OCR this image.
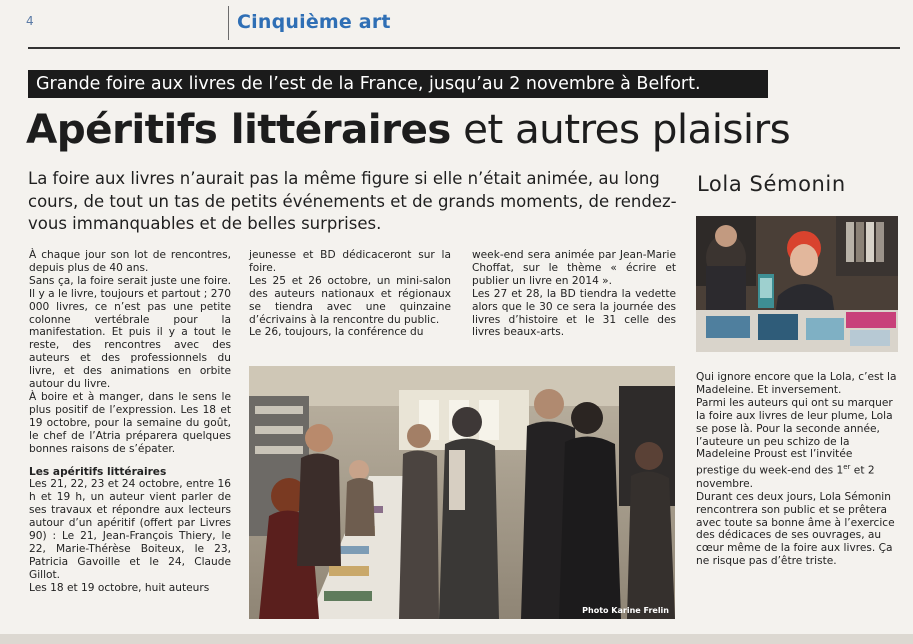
4	Cinquième art
Grande foire aux livres de l’est de la France, jusqu’au 2 novembre à Belfort.
Apéritifs littéraires et autres plaisirs
La foire aux livres n’aurait pas la même figure si elle n’était animée, au long cours, de tout un tas de petits événements et de grands moments, de rendez-vous immanquables et de belles surprises.
Lola Sémonin

À chaque jour son lot de rencontres, depuis plus de 40 ans.

Sans ça, la foire serait juste une foire. Il y a le livre, toujours et partout ; 270 000 livres, ce n’est pas une petite colonne vertébrale pour la manifestation. Et puis il y a tout le reste, des rencontres avec des auteurs et des professionnels du livre, et des animations en orbite autour du livre.

À boire et à manger, dans le sens le plus positif de l’expression. Les 18 et 19 octobre, pour la semaine du goût, le chef de l’Atria préparera quelques bonnes raisons de s’épater.

Les apéritifs littéraires

Les 21, 22, 23 et 24 octobre, entre 16 h et 19 h, un auteur vient parler de ses travaux et répondre aux lecteurs autour d’un apéritif (offert par Livres 90) : Le 21, Jean-François Thiery, le 22, Marie-Thérèse Boiteux, le 23, Patricia Gavoille et le 24, Claude Gillot.

Les 18 et 19 octobre, huit auteurs

jeunesse et BD dédicaceront sur la foire.

Les 25 et 26 octobre, un mini-salon des auteurs nationaux et régionaux se tiendra avec une quinzaine d’écrivains à la rencontre du public.

Le 26, toujours, la conférence du

week-end sera animée par Jean-Marie Choffat, sur le thème « écrire et publier un livre en 2014 ».

Les 27 et 28, la BD tiendra la vedette alors que le 30 ce sera la journée des livres d’histoire et le 31 celle des livres beaux-arts.

Qui ignore encore que la Lola, c’est la Madeleine. Et inversement.

Parmi les auteurs qui ont su marquer la foire aux livres de leur plume, Lola se pose là. Pour la seconde année, l’auteure un peu schizo de la Madeleine Proust est l’invitée prestige du week-end des 1er et 2 novembre.

Durant ces deux jours, Lola Sémonin rencontrera son public et se prêtera avec toute sa bonne âme à l’exercice des dédicaces de ses ouvrages, au cœur même de la foire aux livres. Ça ne risque pas d’être triste.

Photo Karine Frelin
